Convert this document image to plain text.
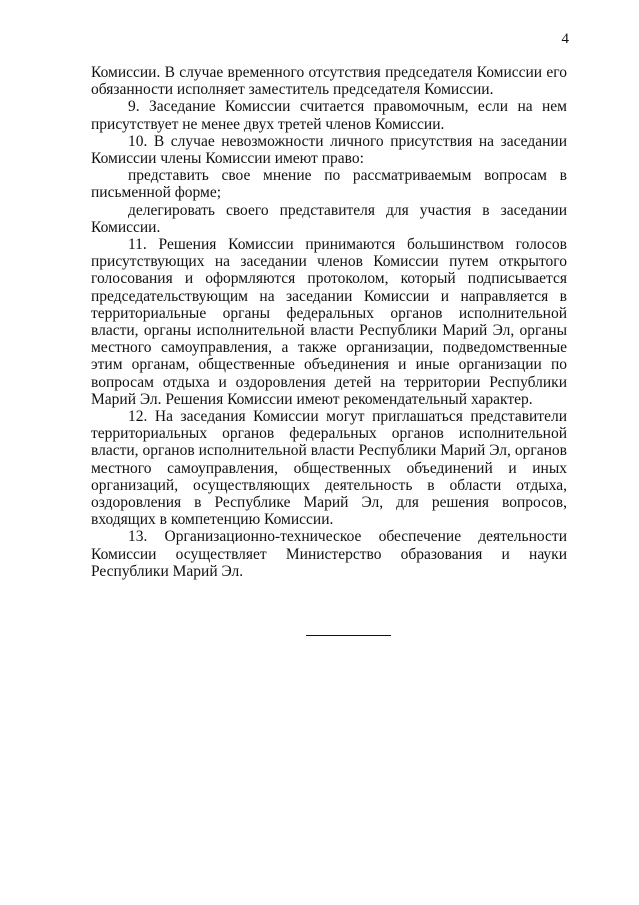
4

Комиссии. В случае временного отсутствия председателя Комиссии его обязанности исполняет заместитель председателя Комиссии.

9. Заседание Комиссии считается правомочным, если на нем присутствует не менее двух третей членов Комиссии.

10. В случае невозможности личного присутствия на заседании Комиссии члены Комиссии имеют право:

представить свое мнение по рассматриваемым вопросам в письменной форме;

делегировать своего представителя для участия в заседании Комиссии.

11. Решения Комиссии принимаются большинством голосов присутствующих на заседании членов Комиссии путем открытого голосования и оформляются протоколом, который подписывается председательствующим на заседании Комиссии и направляется в территориальные органы федеральных органов исполнительной власти, органы исполнительной власти Республики Марий Эл, органы местного самоуправления, а также организации, подведомственные этим органам, общественные объединения и иные организации по вопросам отдыха и оздоровления детей на территории Республики Марий Эл. Решения Комиссии имеют рекомендательный характер.

12. На заседания Комиссии могут приглашаться представители территориальных органов федеральных органов исполнительной власти, органов исполнительной власти Республики Марий Эл, органов местного самоуправления, общественных объединений и иных организаций, осуществляющих деятельность в области отдыха, оздоровления в Республике Марий Эл, для решения вопросов, входящих в компетенцию Комиссии.

13. Организационно-техническое обеспечение деятельности Комиссии осуществляет Министерство образования и науки Республики Марий Эл.
